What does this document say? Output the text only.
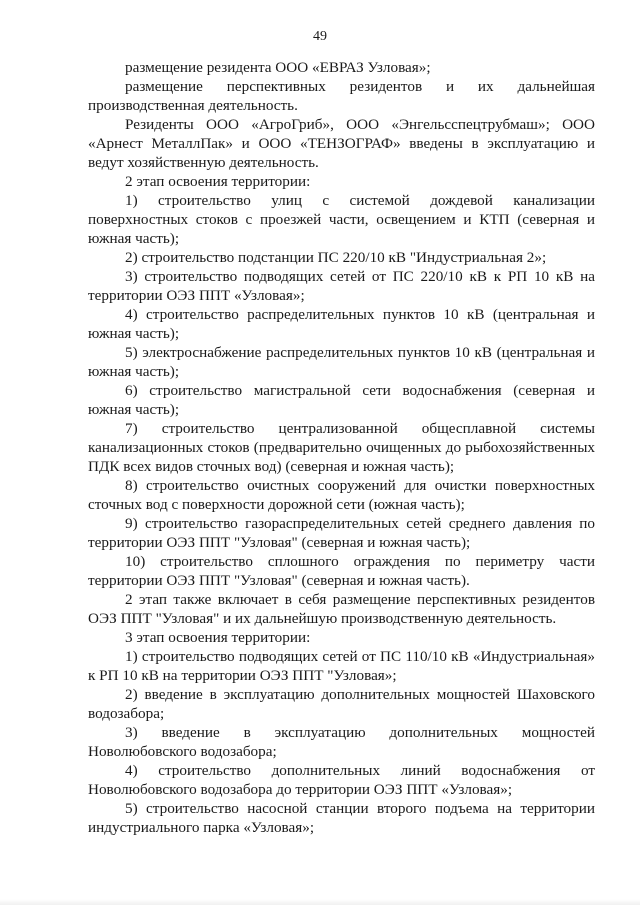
49

размещение резидента ООО «ЕВРАЗ Узловая»;

размещение перспективных резидентов и их дальнейшая производственная деятельность.

Резиденты ООО «АгроГриб», ООО «Энгельсспецтрубмаш»; ООО «Арнест МеталлПак» и ООО «ТЕНЗОГРАФ» введены в эксплуатацию и ведут хозяйственную деятельность.

2 этап освоения территории:

1) строительство улиц с системой дождевой канализации поверхностных стоков с проезжей части, освещением и КТП (северная и южная часть);

2) строительство подстанции ПС 220/10 кВ "Индустриальная 2»;

3) строительство подводящих сетей от ПС 220/10 кВ к РП 10 кВ на территории ОЭЗ ППТ «Узловая»;

4) строительство распределительных пунктов 10 кВ (центральная и южная часть);

5) электроснабжение распределительных пунктов 10 кВ (центральная и южная часть);

6) строительство магистральной сети водоснабжения (северная и южная часть);

7) строительство централизованной общесплавной системы канализационных стоков (предварительно очищенных до рыбохозяйственных ПДК всех видов сточных вод) (северная и южная часть);

8) строительство очистных сооружений для очистки поверхностных сточных вод с поверхности дорожной сети (южная часть);

9) строительство газораспределительных сетей среднего давления по территории ОЭЗ ППТ "Узловая" (северная и южная часть);

10) строительство сплошного ограждения по периметру части территории ОЭЗ ППТ "Узловая" (северная и южная часть).

2 этап также включает в себя размещение перспективных резидентов ОЭЗ ППТ "Узловая" и их дальнейшую производственную деятельность.

3 этап освоения территории:

1) строительство подводящих сетей от ПС 110/10 кВ «Индустриальная» к РП 10 кВ на территории ОЭЗ ППТ "Узловая»;

2) введение в эксплуатацию дополнительных мощностей Шаховского водозабора;

3) введение в эксплуатацию дополнительных мощностей Новолюбовского водозабора;

4) строительство дополнительных линий водоснабжения от Новолюбовского водозабора до территории ОЭЗ ППТ «Узловая»;

5) строительство насосной станции второго подъема на территории индустриального парка «Узловая»;
